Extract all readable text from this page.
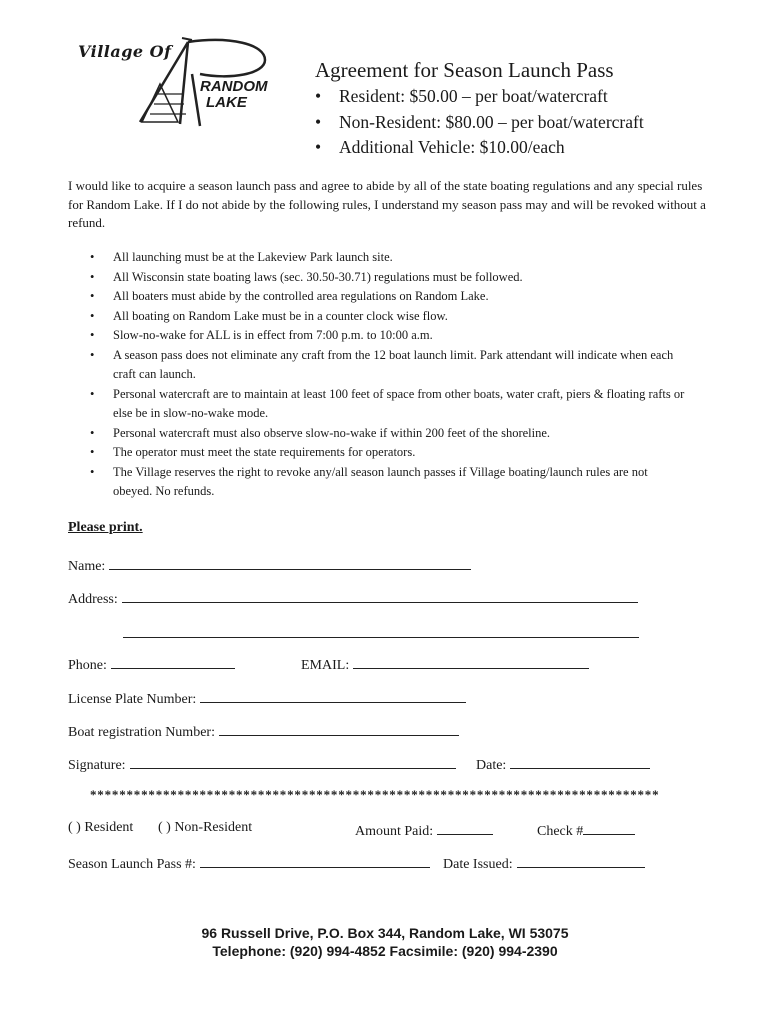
Village Of
RANDOM
LAKE
Agreement for Season Launch Pass
• Resident: $50.00 – per boat/watercraft
• Non-Resident: $80.00 – per boat/watercraft
• Additional Vehicle: $10.00/each
I would like to acquire a season launch pass and agree to abide by all of the state boating regulations and any special rules for Random Lake. If I do not abide by the following rules, I understand my season pass may and will be revoked without a refund.
• All launching must be at the Lakeview Park launch site.
• All Wisconsin state boating laws (sec. 30.50-30.71) regulations must be followed.
• All boaters must abide by the controlled area regulations on Random Lake.
• All boating on Random Lake must be in a counter clock wise flow.
• Slow-no-wake for ALL is in effect from 7:00 p.m. to 10:00 a.m.
• A season pass does not eliminate any craft from the 12 boat launch limit. Park attendant will indicate when each craft can launch.
• Personal watercraft are to maintain at least 100 feet of space from other boats, water craft, piers & floating rafts or else be in slow-no-wake mode.
• Personal watercraft must also observe slow-no-wake if within 200 feet of the shoreline.
• The operator must meet the state requirements for operators.
• The Village reserves the right to revoke any/all season launch passes if Village boating/launch rules are not obeyed. No refunds.
Please print.
Name:
Address:
Phone:	EMAIL:
License Plate Number:
Boat registration Number:
Signature:	Date:
******************************************************************************
( ) Resident ( ) Non-Resident	Amount Paid:	Check #
Season Launch Pass #:	Date Issued:
96 Russell Drive, P.O. Box 344, Random Lake, WI 53075
Telephone: (920) 994-4852 Facsimile: (920) 994-2390
